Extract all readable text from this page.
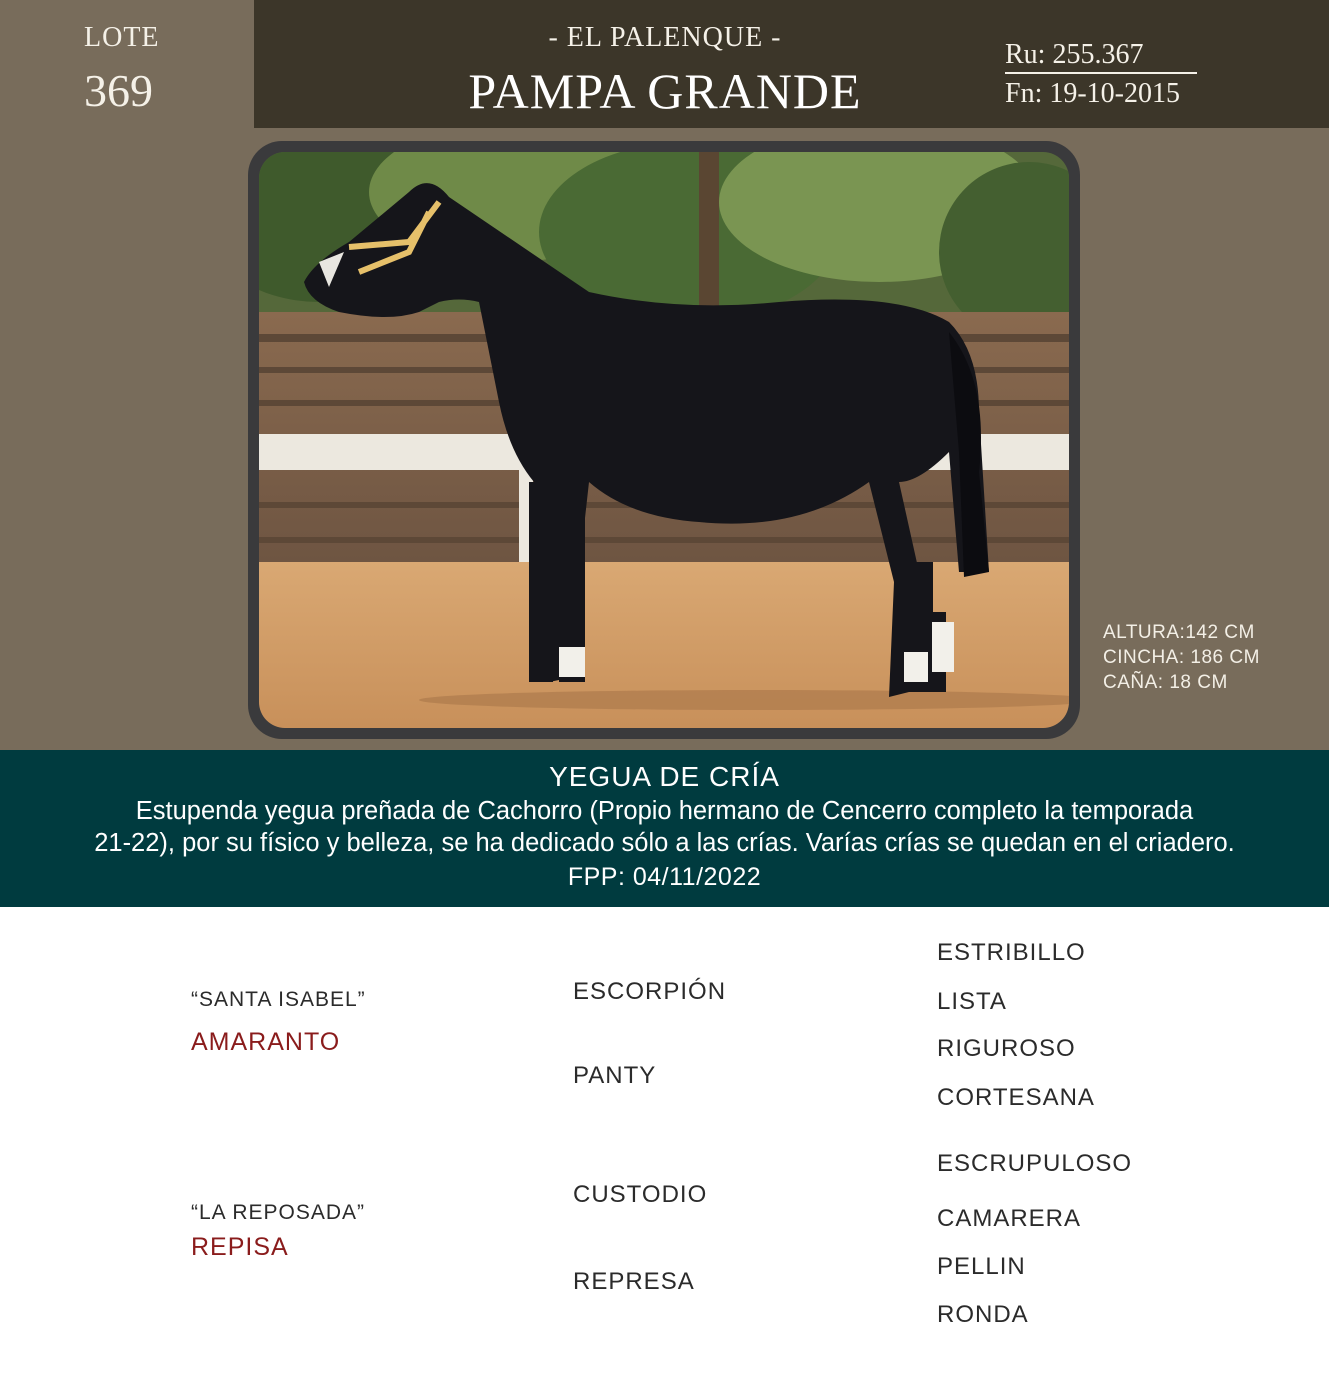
LOTE
369
- EL PALENQUE -
PAMPA GRANDE
Ru: 255.367
Fn: 19-10-2015
ALTURA:142 CM
CINCHA: 186 CM
CAÑA: 18 CM
YEGUA DE CRÍA
Estupenda yegua preñada de Cachorro (Propio hermano de Cencerro completo la temporada
21-22), por su físico y belleza, se ha dedicado sólo a las crías. Varías crías se quedan en el criadero.
FPP: 04/11/2022
“SANTA ISABEL”
AMARANTO
“LA REPOSADA”
REPISA
ESCORPIÓN
PANTY
CUSTODIO
REPRESA
ESTRIBILLO
LISTA
RIGUROSO
CORTESANA
ESCRUPULOSO
CAMARERA
PELLIN
RONDA
